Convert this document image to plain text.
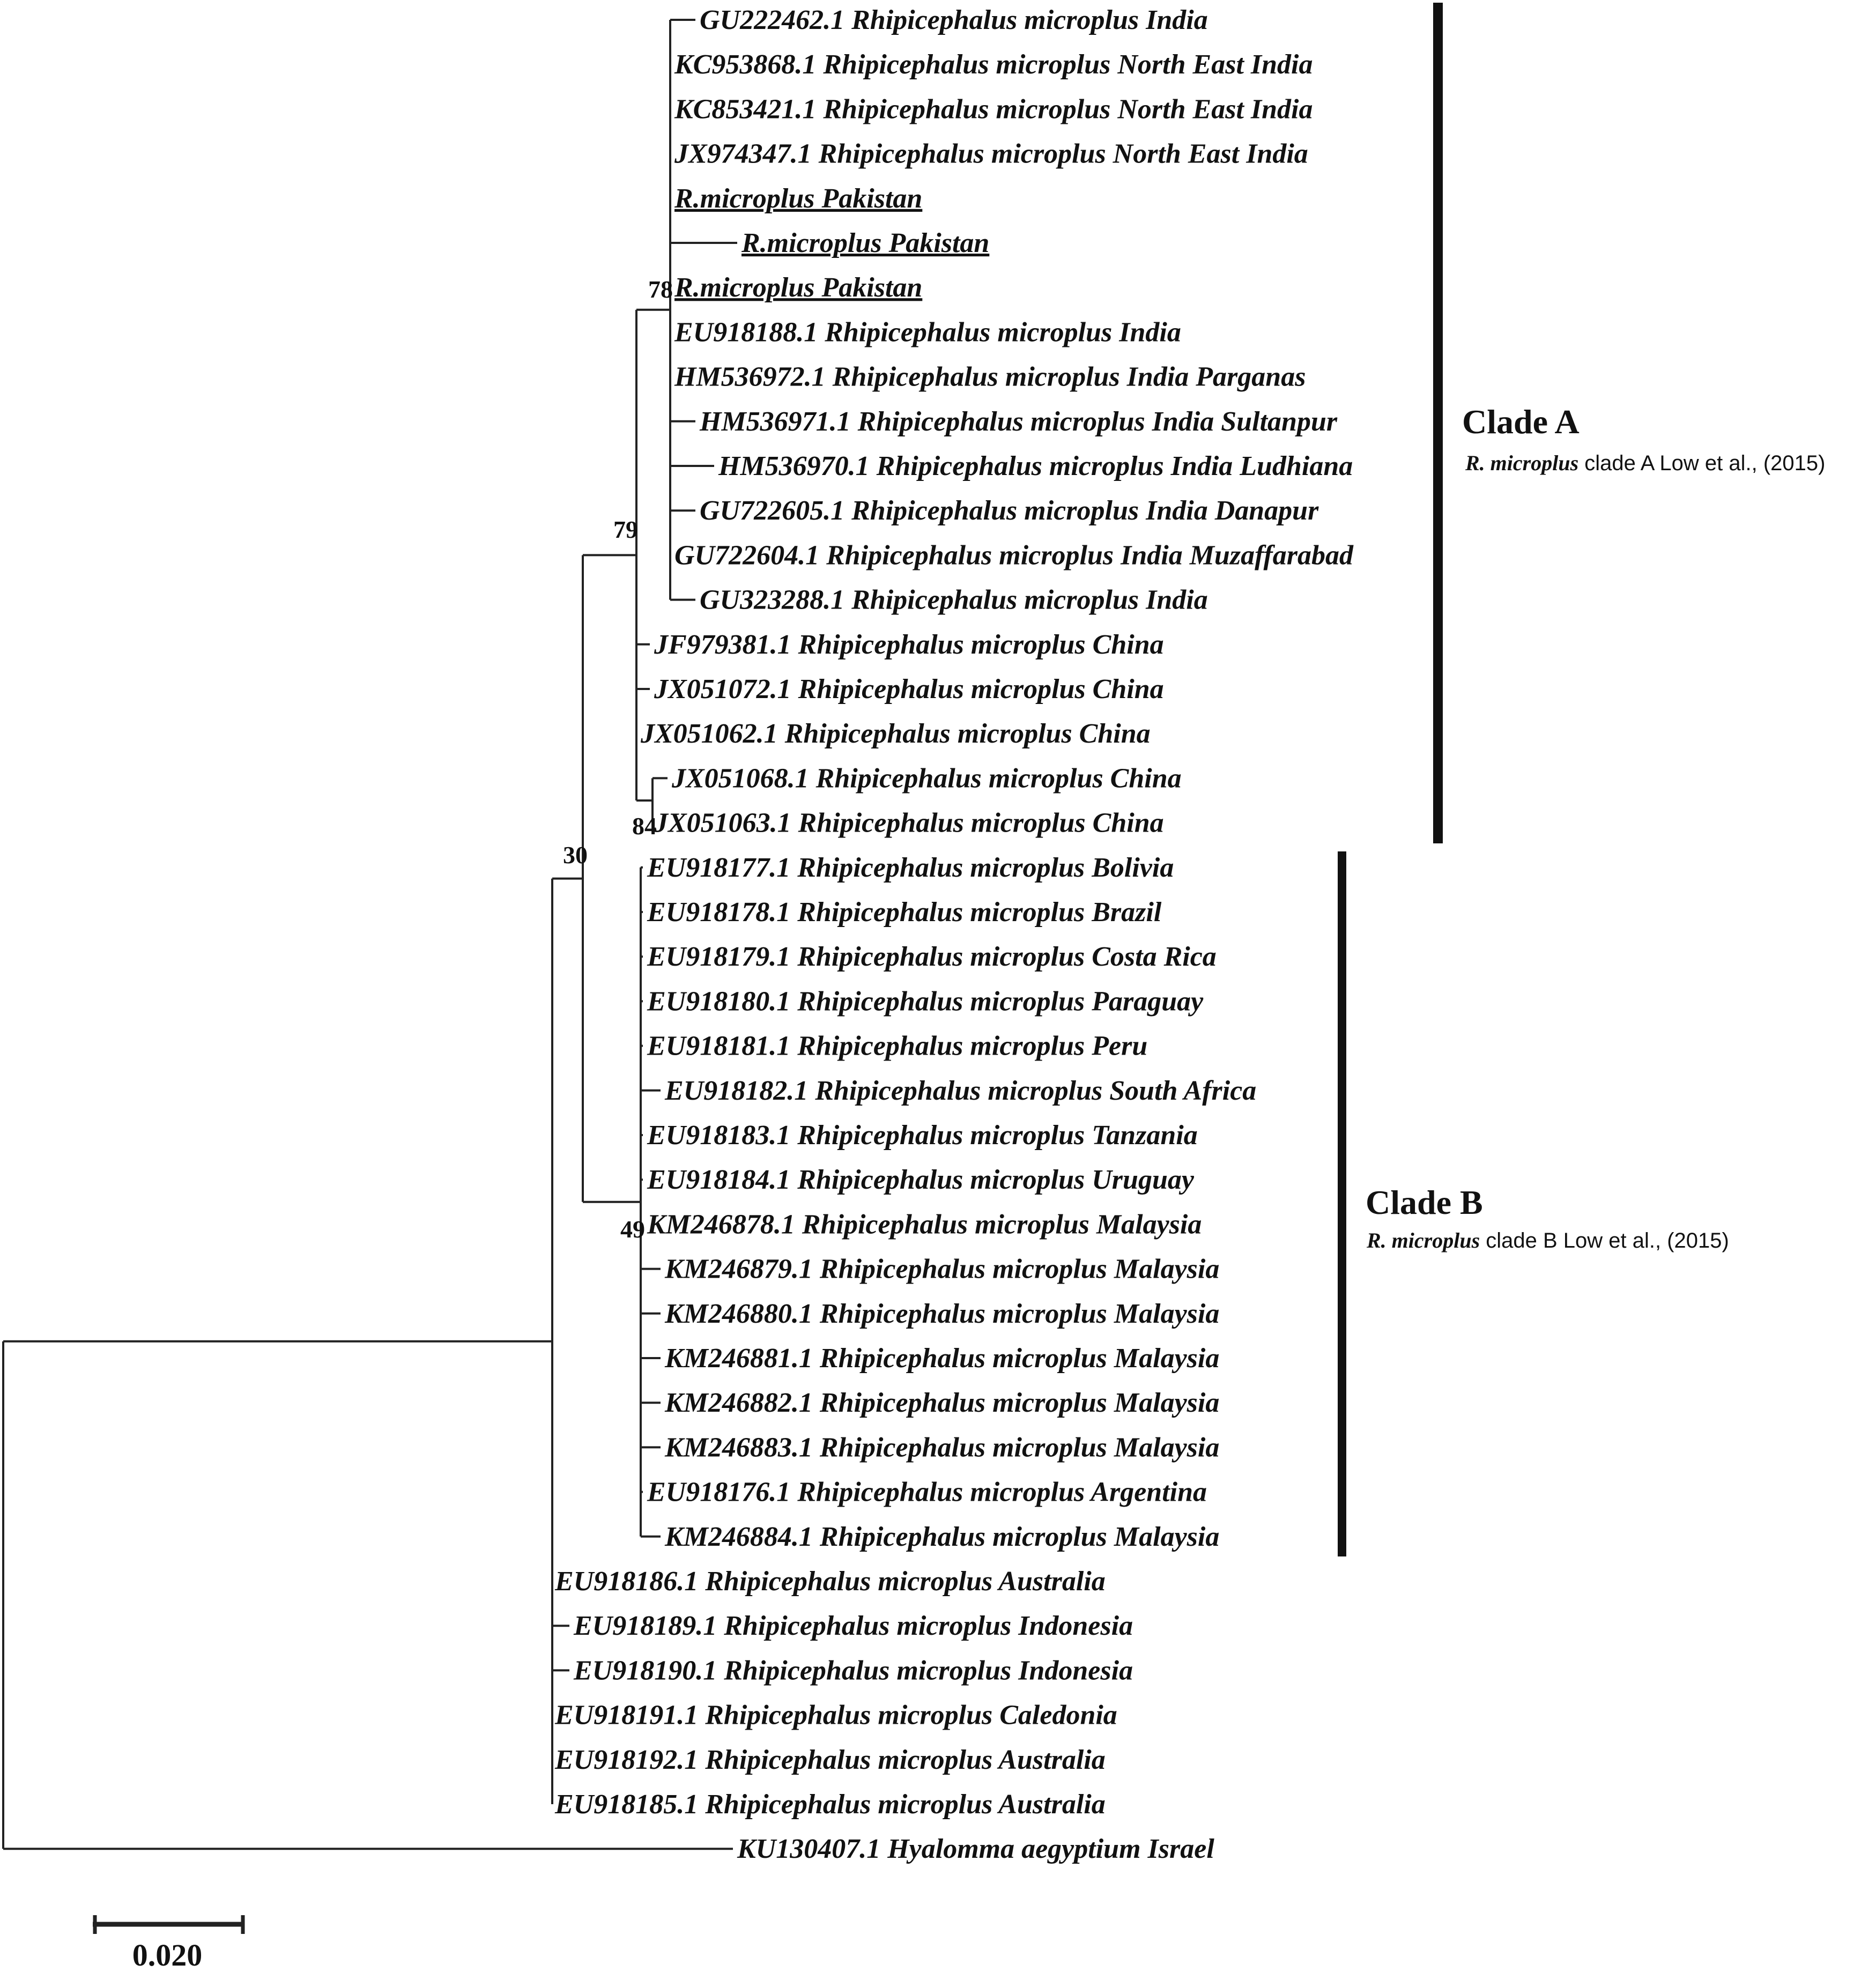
GU222462.1 Rhipicephalus microplus India
KC953868.1 Rhipicephalus microplus North East India
KC853421.1 Rhipicephalus microplus North East India
JX974347.1 Rhipicephalus microplus North East India
R.microplus Pakistan
R.microplus Pakistan
R.microplus Pakistan
EU918188.1 Rhipicephalus microplus India
HM536972.1 Rhipicephalus microplus India Parganas
HM536971.1 Rhipicephalus microplus India Sultanpur
HM536970.1 Rhipicephalus microplus India Ludhiana
GU722605.1 Rhipicephalus microplus India Danapur
GU722604.1 Rhipicephalus microplus India Muzaffarabad
GU323288.1 Rhipicephalus microplus India
JF979381.1 Rhipicephalus microplus China
JX051072.1 Rhipicephalus microplus China
JX051062.1 Rhipicephalus microplus China
JX051068.1 Rhipicephalus microplus China
JX051063.1 Rhipicephalus microplus China
EU918177.1 Rhipicephalus microplus Bolivia
EU918178.1 Rhipicephalus microplus Brazil
EU918179.1 Rhipicephalus microplus Costa Rica
EU918180.1 Rhipicephalus microplus Paraguay
EU918181.1 Rhipicephalus microplus Peru
EU918182.1 Rhipicephalus microplus South Africa
EU918183.1 Rhipicephalus microplus Tanzania
EU918184.1 Rhipicephalus microplus Uruguay
KM246878.1 Rhipicephalus microplus Malaysia
KM246879.1 Rhipicephalus microplus Malaysia
KM246880.1 Rhipicephalus microplus Malaysia
KM246881.1 Rhipicephalus microplus Malaysia
KM246882.1 Rhipicephalus microplus Malaysia
KM246883.1 Rhipicephalus microplus Malaysia
EU918176.1 Rhipicephalus microplus Argentina
KM246884.1 Rhipicephalus microplus Malaysia
EU918186.1 Rhipicephalus microplus Australia
EU918189.1 Rhipicephalus microplus Indonesia
EU918190.1 Rhipicephalus microplus Indonesia
EU918191.1 Rhipicephalus microplus Caledonia
EU918192.1 Rhipicephalus microplus Australia
EU918185.1 Rhipicephalus microplus Australia
KU130407.1 Hyalomma aegyptium Israel
78
79
84
30
49
Clade A
R. microplus clade A Low et al., (2015)
Clade B
R. microplus clade B Low et al., (2015)
0.020
